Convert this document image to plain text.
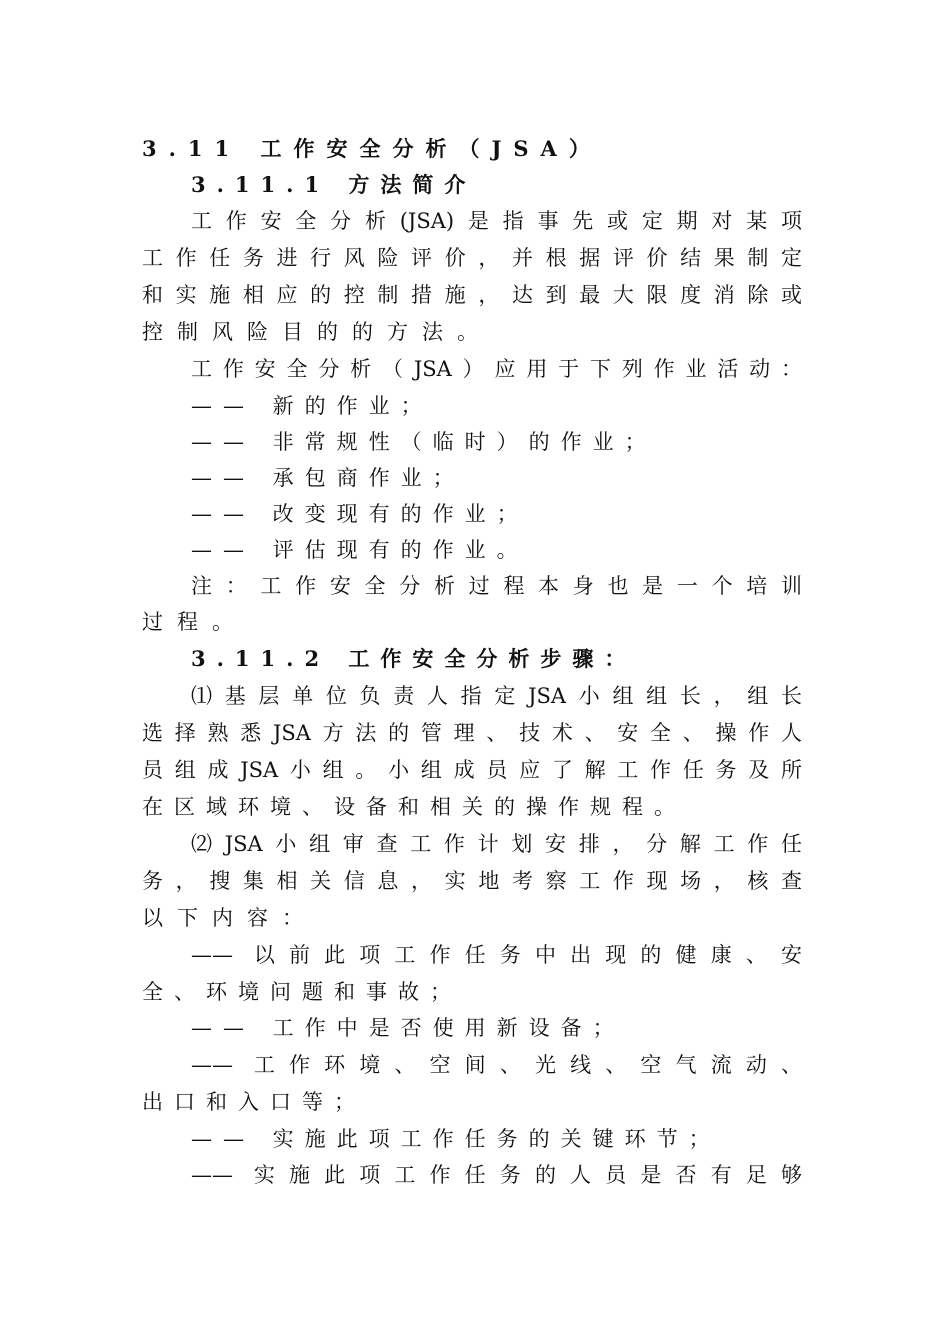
3.11 工作安全分析（JSA）
3.11.1 方法简介
工作安全分析(JSA)是指事先或定期对某项
工作任务进行风险评价，并根据评价结果制定
和实施相应的控制措施，达到最大限度消除或
控制风险目的的方法。
工作安全分析（JSA）应用于下列作业活动：
—— 新的作业；
—— 非常规性（临时）的作业；
—— 承包商作业；
—— 改变现有的作业；
—— 评估现有的作业。
注：工作安全分析过程本身也是一个培训
过程。
3.11.2 工作安全分析步骤：
⑴基层单位负责人指定JSA小组组长，组长
选择熟悉JSA方法的管理、技术、安全、操作人
员组成JSA小组。小组成员应了解工作任务及所
在区域环境、设备和相关的操作规程。
⑵JSA小组审查工作计划安排，分解工作任
务，搜集相关信息，实地考察工作现场，核查
以下内容：
—— 以前此项工作任务中出现的健康、安
全、环境问题和事故；
—— 工作中是否使用新设备；
—— 工作环境、空间、光线、空气流动、
出口和入口等；
—— 实施此项工作任务的关键环节；
—— 实施此项工作任务的人员是否有足够
